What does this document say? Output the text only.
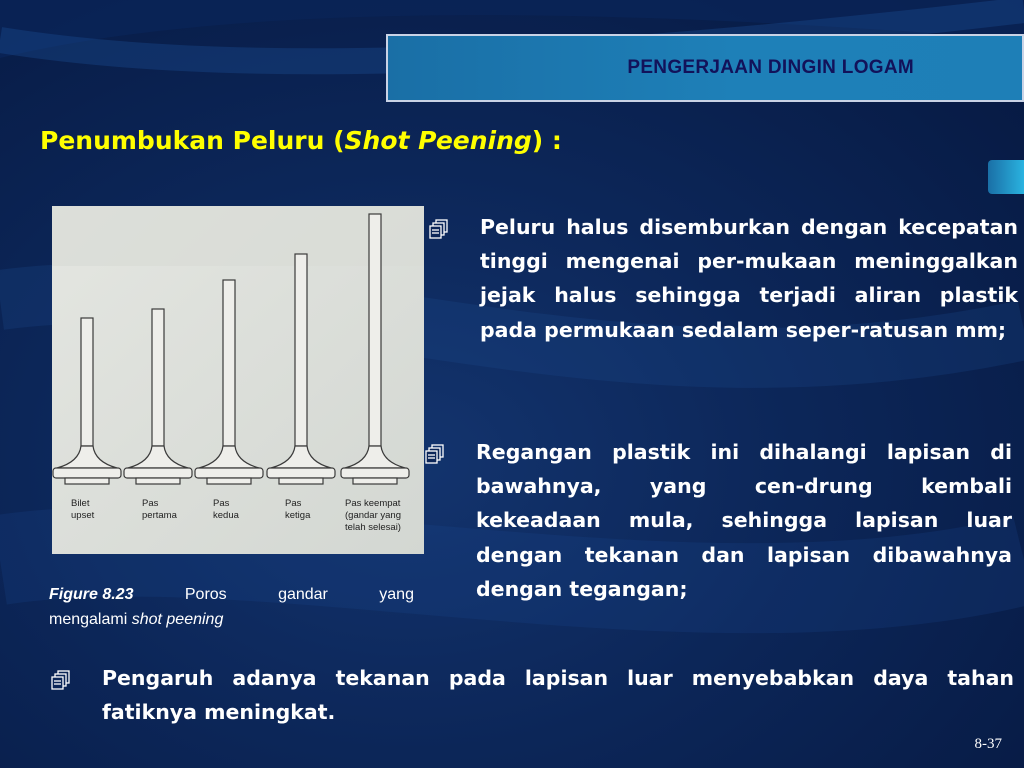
PENGERJAAN DINGIN LOGAM
Penumbukan Peluru (Shot Peening) :
Bilet
upset
Pas
pertama
Pas
kedua
Pas
ketiga
Pas keempat
(gandar yang
telah selesai)
Figure 8.23	Poros	gandar	yang
mengalami shot peening
Peluru halus disemburkan dengan kecepatan tinggi mengenai per-mukaan meninggalkan jejak halus sehingga terjadi aliran plastik pada permukaan sedalam seper-ratusan mm;
Regangan plastik ini dihalangi lapisan di bawahnya, yang cen-drung kembali kekeadaan mula, sehingga lapisan luar dengan tekanan dan lapisan dibawahnya dengan tegangan;
Pengaruh adanya tekanan pada lapisan luar menyebabkan daya tahan fatiknya meningkat.
8-37
